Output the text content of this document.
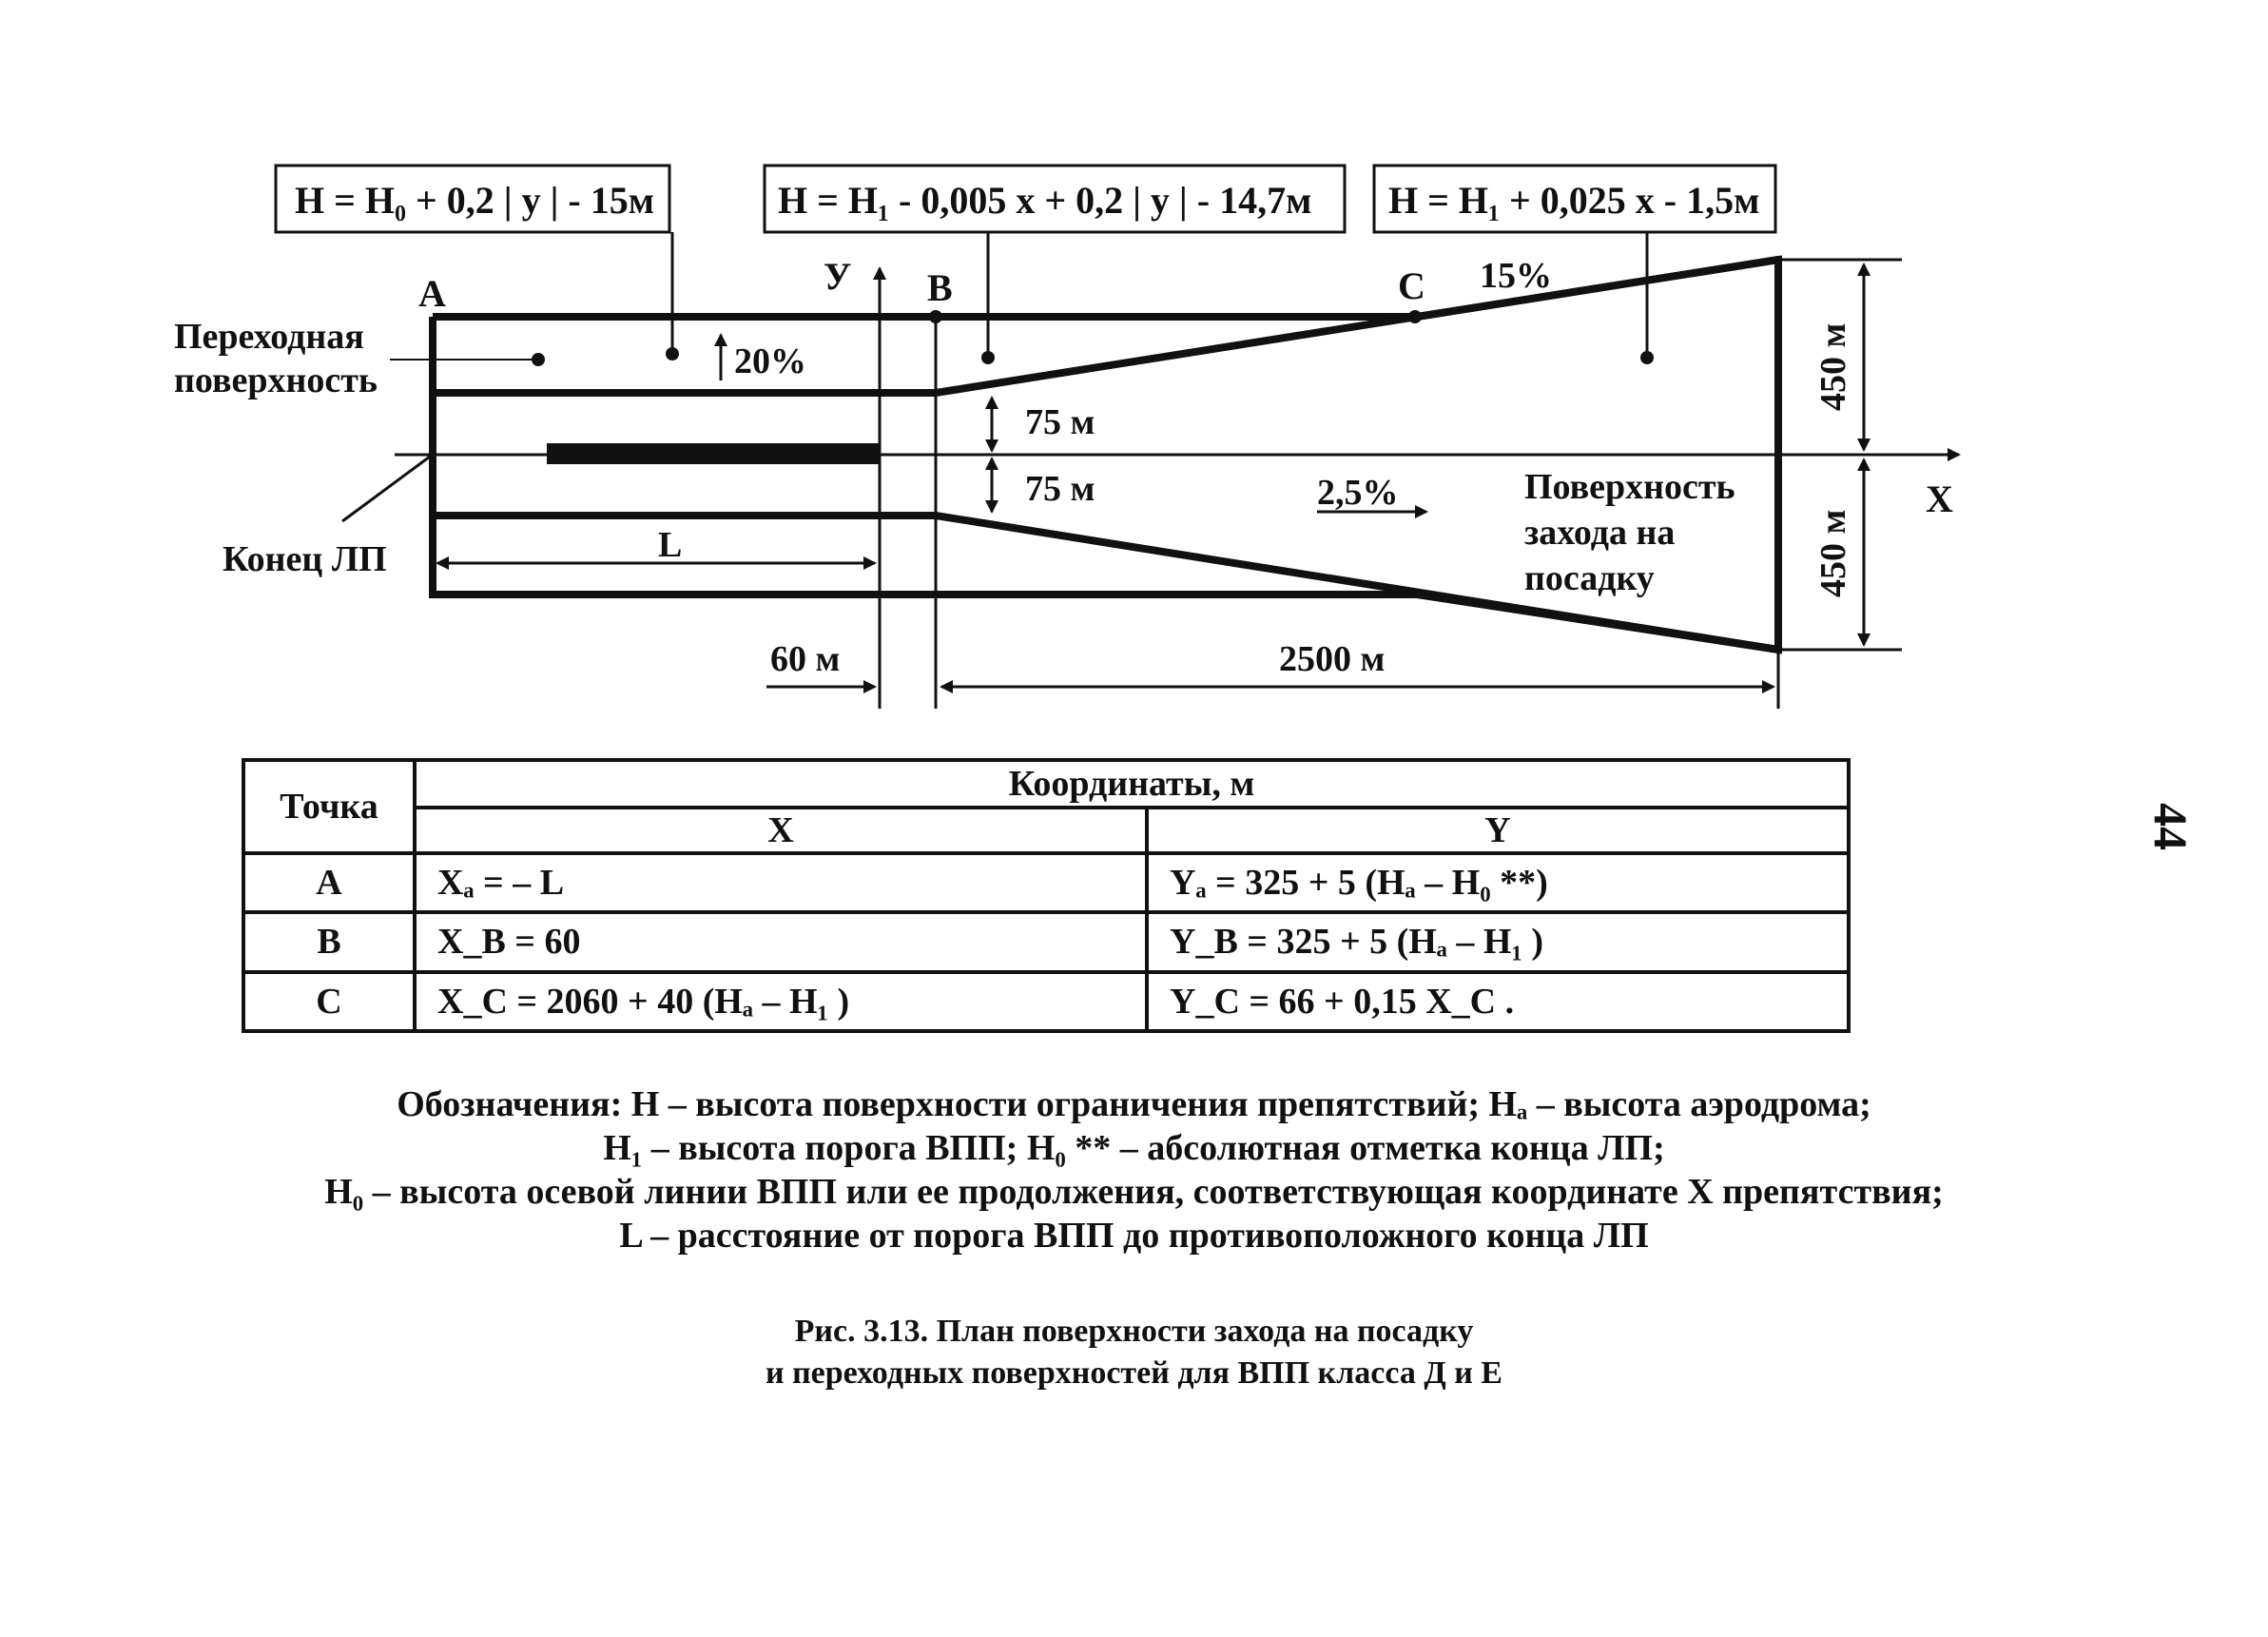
H = H₀ + 0,2 | y | - 15м	H = H₁ - 0,005 x + 0,2 | y | - 14,7м H = H₁ + 0,025 x - 1,5м
X
У
A	B	C
20%
15%
2,5%
Переходная
поверхность
Конец ЛП
Поверхность
захода на
посадку
75 м
75 м
L
60 м	2500 м
450 м
450 м
Точка	Координаты, м	
	X	Y
A	Xₐ = – L	Yₐ = 325 + 5 (Hₐ – H₀ **)
B	X_B = 60	Y_B = 325 + 5 (Hₐ – H₁ )
C	X_C = 2060 + 40 (Hₐ – H₁ )	Y_C = 66 + 0,15 X_C .
Обозначения: H – высота поверхности ограничения препятствий; Hₐ – высота аэродрома;
H₁ – высота порога ВПП; H₀ ** – абсолютная отметка конца ЛП;
H₀ – высота осевой линии ВПП или ее продолжения, соответствующая координате X препятствия;
L – расстояние от порога ВПП до противоположного конца ЛП
Рис. 3.13. План поверхности захода на посадку
и переходных поверхностей для ВПП класса Д и Е
44
